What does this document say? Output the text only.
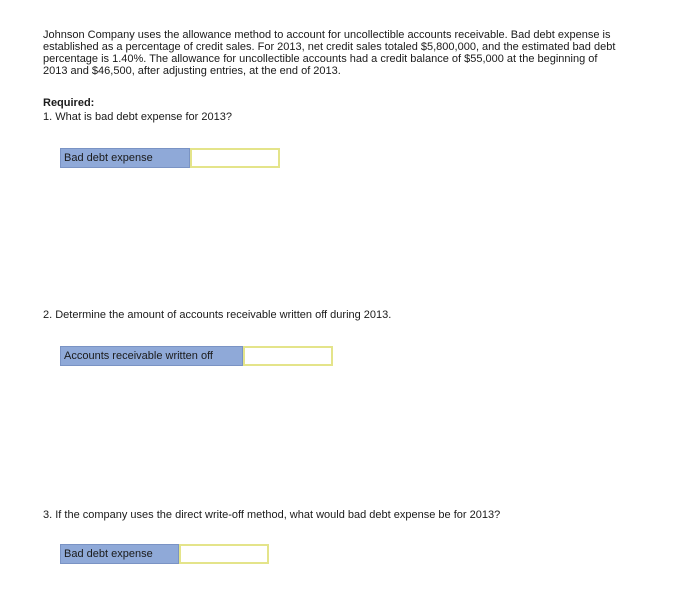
Johnson Company uses the allowance method to account for uncollectible accounts receivable. Bad debt expense is established as a percentage of credit sales. For 2013, net credit sales totaled $5,800,000, and the estimated bad debt percentage is 1.40%. The allowance for uncollectible accounts had a credit balance of $55,000 at the beginning of 2013 and $46,500, after adjusting entries, at the end of 2013.

Required:
1. What is bad debt expense for 2013?
Bad debt expense
2. Determine the amount of accounts receivable written off during 2013.
Accounts receivable written off
3. If the company uses the direct write-off method, what would bad debt expense be for 2013?
Bad debt expense
